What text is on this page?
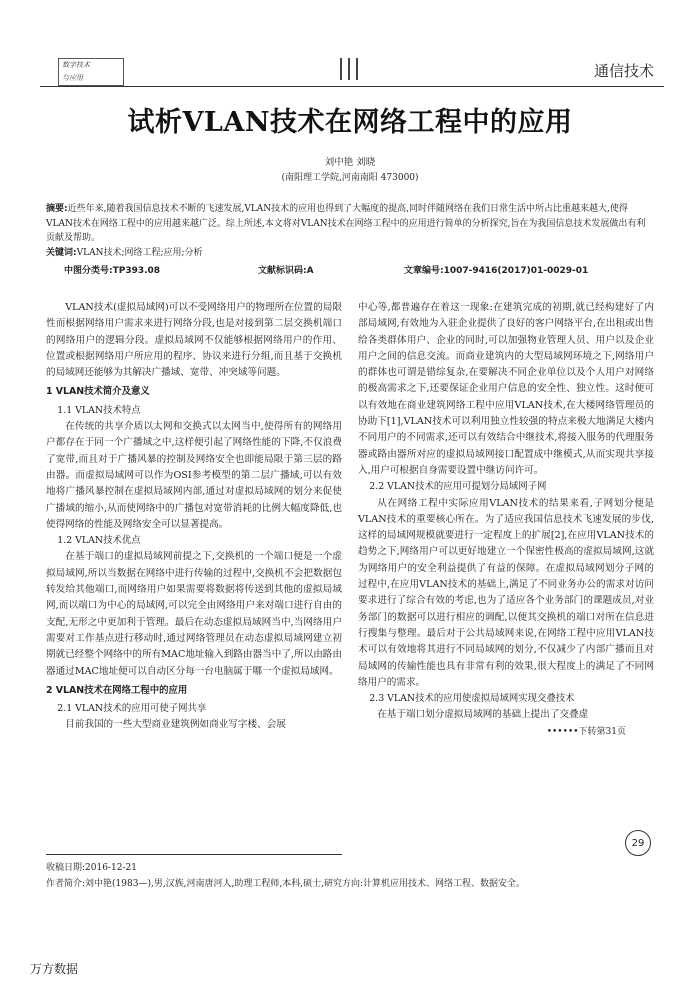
数字技术
与应用	通信技术
试析VLAN技术在网络工程中的应用
刘中艳 刘晓
(南阳理工学院,河南南阳 473000)
摘要:近些年来,随着我国信息技术不断的飞速发展,VLAN技术的应用也得到了大幅度的提高,同时伴随网络在我们日常生活中所占比重越来越大,使得VLAN技术在网络工程中的应用越来越广泛。综上所述,本文将对VLAN技术在网络工程中的应用进行简单的分析探究,旨在为我国信息技术发展做出有利贡献及帮助。
关键词:VLAN技术;网络工程;应用;分析
中图分类号:TP393.08	文献标识码:A	文章编号:1007-9416(2017)01-0029-01

VLAN技术(虚拟局域网)可以不受网络用户的物理所在位置的局限性而根据网络用户需求来进行网络分段,也是对接到第二层交换机端口的网络用户的逻辑分段。虚拟局域网不仅能够根据网络用户的作用、位置或根据网络用户所应用的程序、协议来进行分组,而且基于交换机的局域网还能够为其解决广播域、宽带、冲突域等问题。

1 VLAN技术简介及意义

1.1 VLAN技术特点

在传统的共享介质以太网和交换式以太网当中,使得所有的网络用户都存在于同一个广播域之中,这样便引起了网络性能的下降,不仅浪费了宽带,而且对于广播风暴的控制及网络安全也即能局限于第三层的路由器。而虚拟局域网可以作为OSI参考模型的第二层广播域,可以有效地将广播风暴控制在虚拟局域网内部,通过对虚拟局域网的划分来促使广播域的缩小,从而使网络中的广播包对宽带消耗的比例大幅度降低,也使得网络的性能及网络安全可以显著提高。

1.2 VLAN技术优点

在基于端口的虚拟局域网前提之下,交换机的一个端口便是一个虚拟局域网,所以当数据在网络中进行传输的过程中,交换机不会把数据包转发给其他端口,而网络用户如果需要将数据将传送到其他的虚拟局域网,而以端口为中心的局域网,可以完全由网络用户来对端口进行自由的支配,无形之中更加利于管理。最后在动态虚拟局域网当中,当网络用户需要对工作基点进行移动时,通过网络管理员在动态虚拟局域网建立初期就已经整个网络中的所有MAC地址输入到路由器当中了,所以由路由器通过MAC地址便可以自动区分每一台电脑属于哪一个虚拟局域网。

2 VLAN技术在网络工程中的应用

2.1 VLAN技术的应用可使子网共享

目前我国的一些大型商业建筑例如商业写字楼、会展

中心等,都普遍存在着这一现象:在建筑完成的初期,就已经构建好了内部局域网,有效地为入驻企业提供了良好的客户网络平台,在出租或出售给各类群体用户、企业的同时,可以加强物业管理人员、用户以及企业用户之间的信息交流。而商业建筑内的大型局域网环境之下,网络用户的群体也可谓是错综复杂,在要解决不同企业单位以及个人用户对网络的极高需求之下,还要保证企业用户信息的安全性、独立性。这时便可以有效地在商业建筑网络工程中应用VLAN技术,在大楼网络管理员的协助下[1],VLAN技术可以利用独立性较强的特点来极大地满足大楼内不同用户的不同需求,还可以有效结合中继技术,将接入服务的代理服务器或路由器所对应的虚拟局域网接口配置成中继模式,从而实现共享接入,用户可根据自身需要设置中继访问许可。

2.2 VLAN技术的应用可提划分局域网子网

从在网络工程中实际应用VLAN技术的结果来看,子网划分便是VLAN技术的重要核心所在。为了适应我国信息技术飞速发展的步伐,这样的局域网规模就要进行一定程度上的扩展[2],在应用VLAN技术的趋势之下,网络用户可以更好地建立一个保密性极高的虚拟局域网,这就为网络用户的安全利益提供了有益的保障。在虚拟局域网划分子网的过程中,在应用VLAN技术的基础上,满足了不同业务办公的需求对访问要求进行了综合有效的考虑,也为了适应各个业务部门的课题成员,对业务部门的数据可以进行相应的调配,以便其交换机的端口对所在信息进行搜集与整理。最后对于公共局域网来说,在网络工程中应用VLAN技术可以有效地将其进行不同局域网的划分,不仅减少了内部广播而且对局域网的传输性能也具有非常有利的效果,很大程度上的满足了不同网络用户的需求。

2.3 VLAN技术的应用使虚拟局域网实现交叠技术

在基于端口划分虚拟局域网的基础上提出了交叠虚

••••••下转第31页
收稿日期:2016-12-21
作者简介:刘中艳(1983—),男,汉族,河南唐河人,助理工程师,本科,硕士,研究方向:计算机应用技术、网络工程、数据安全。
29
万方数据
